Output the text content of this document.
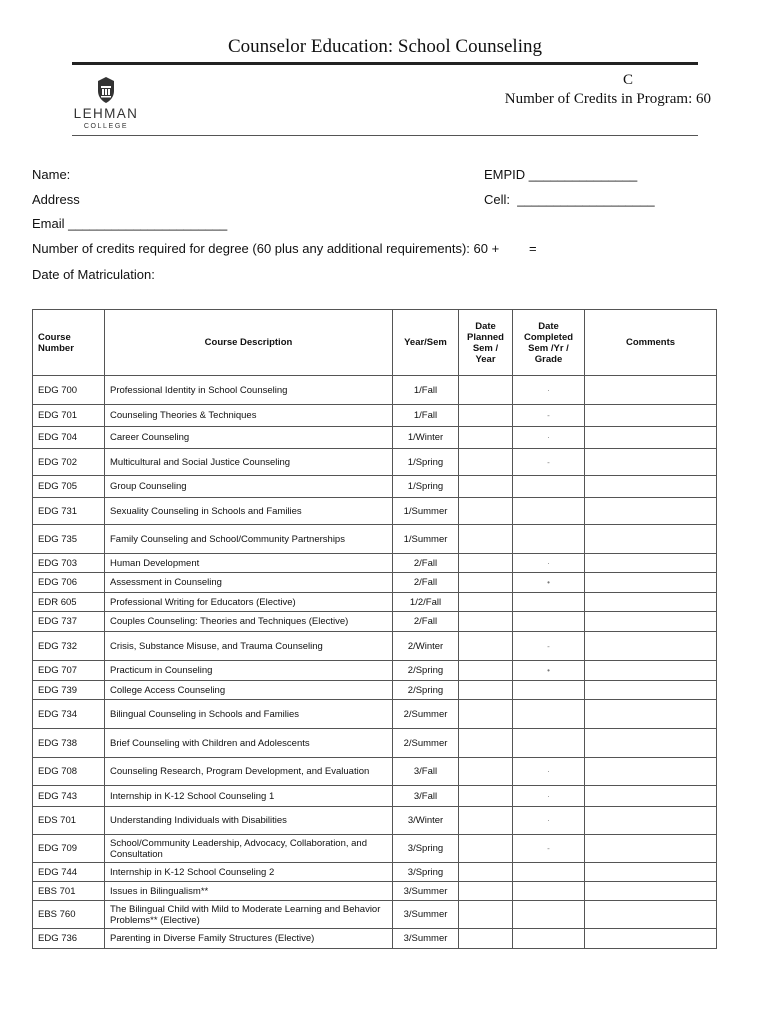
Counselor Education: School Counseling
LEHMAN
COLLEGE
C
Number of Credits in Program: 60
Name:	EMPID _______________
Address	Cell:  ___________________
Email ______________________
Number of credits required for degree (60 plus any additional requirements): 60 + =
Date of Matriculation:
Course Number	Course Description	Year/Sem	Date Planned Sem / Year	Date Completed Sem /Yr / Grade	Comments
EDG 700	Professional Identity in School Counseling	1/Fall		·	
EDG 701	Counseling Theories & Techniques	1/Fall		-	
EDG 704	Career Counseling	1/Winter		·	
EDG 702	Multicultural and Social Justice Counseling	1/Spring		-	
EDG 705	Group Counseling	1/Spring			
EDG 731	Sexuality Counseling in Schools and Families	1/Summer			
EDG 735	Family Counseling and School/Community Partnerships	1/Summer			
EDG 703	Human Development	2/Fall		·	
EDG 706	Assessment in Counseling	2/Fall		•	
EDR 605	Professional Writing for Educators (Elective)	1/2/Fall			
EDG 737	Couples Counseling: Theories and Techniques (Elective)	2/Fall			
EDG 732	Crisis, Substance Misuse, and Trauma Counseling	2/Winter		-	
EDG 707	Practicum in Counseling	2/Spring		•	
EDG 739	College Access Counseling	2/Spring			
EDG 734	Bilingual Counseling in Schools and Families	2/Summer			
EDG 738	Brief Counseling with Children and Adolescents	2/Summer			
EDG 708	Counseling Research, Program Development, and Evaluation	3/Fall		·	
EDG 743	Internship in K-12 School Counseling 1	3/Fall		·	
EDS 701	Understanding Individuals with Disabilities	3/Winter		·	
EDG 709	School/Community Leadership, Advocacy, Collaboration, and Consultation	3/Spring		-	
EDG 744	Internship in K-12 School Counseling 2	3/Spring			
EBS 701	Issues in Bilingualism**	3/Summer			
EBS 760	The Bilingual Child with Mild to Moderate Learning and Behavior Problems** (Elective)	3/Summer			
EDG 736	Parenting in Diverse Family Structures (Elective)	3/Summer			
